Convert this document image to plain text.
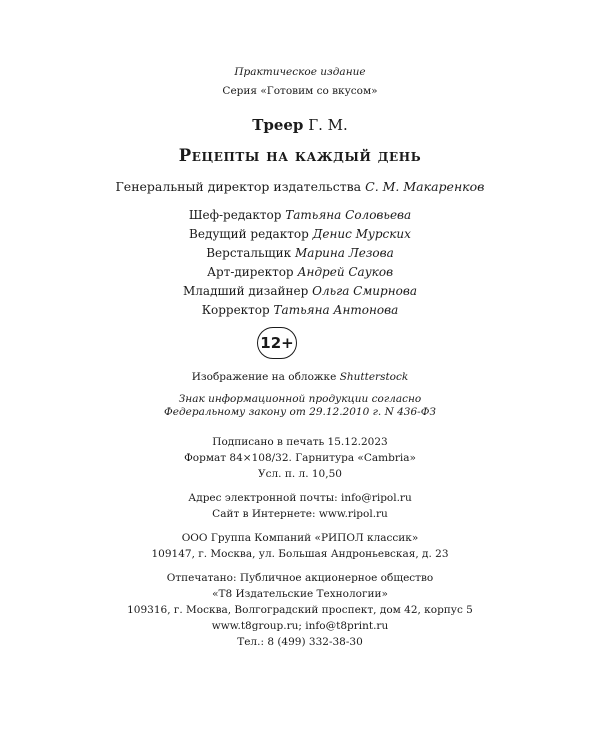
Практическое издание
Серия «Готовим со вкусом»
Треер Г. М.
Рецепты на каждый день
Генеральный директор издательства С. М. Макаренков
Шеф-редактор Татьяна Соловьева
Ведущий редактор Денис Мурских
Верстальщик Марина Лезова
Арт-директор Андрей Сауков
Младший дизайнер Ольга Смирнова
Корректор Татьяна Антонова
12+
Изображение на обложке Shutterstock
Знак информационной продукции согласно
Федеральному закону от 29.12.2010 г. N 436-ФЗ
Подписано в печать 15.12.2023
Формат 84×108/32. Гарнитура «Cambria»
Усл. п. л. 10,50
Адрес электронной почты: info@ripol.ru
Сайт в Интернете: www.ripol.ru
ООО Группа Компаний «РИПОЛ классик»
109147, г. Москва, ул. Большая Андроньевская, д. 23
Отпечатано: Публичное акционерное общество
«Т8 Издательские Технологии»
109316, г. Москва, Волгоградский проспект, дом 42, корпус 5
www.t8group.ru; info@t8print.ru
Тел.: 8 (499) 332-38-30
